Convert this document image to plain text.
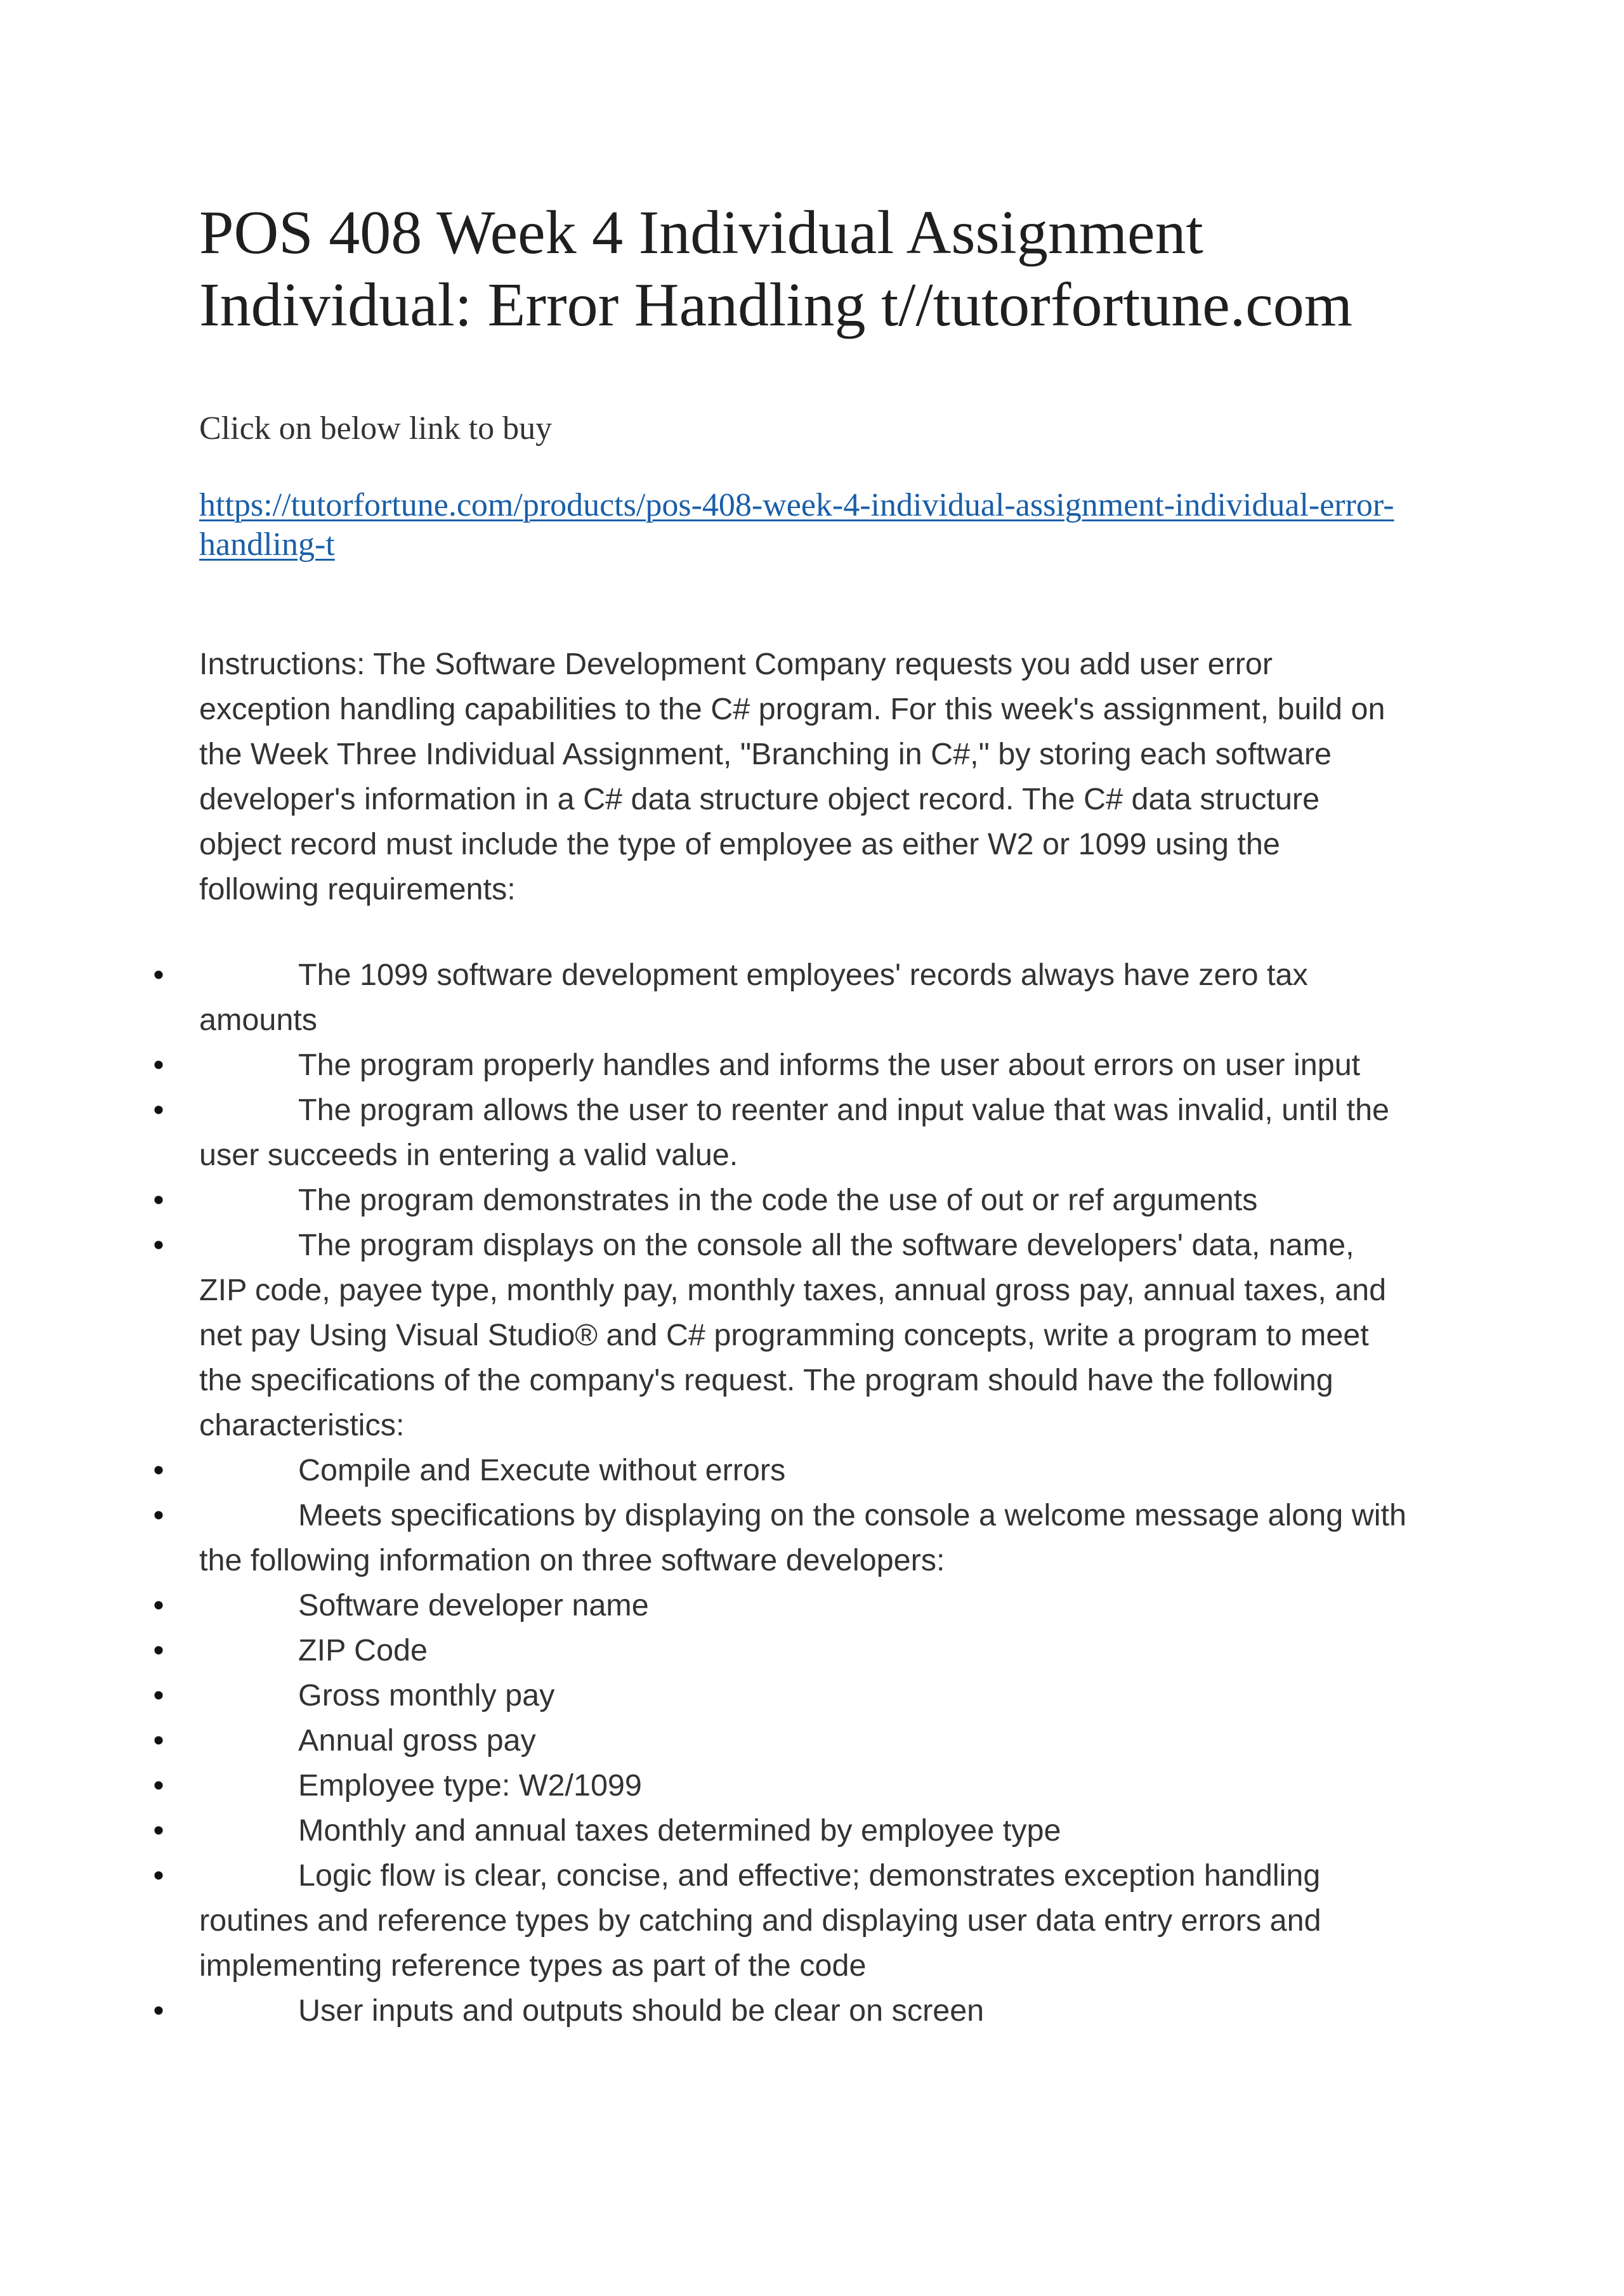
POS 408 Week 4 Individual Assignment
Individual: Error Handling t//tutorfortune.com

Click on below link to buy

https://tutorfortune.com/products/pos-408-week-4-individual-assignment-individual-error-
handling-t

Instructions: The Software Development Company requests you add user error
exception handling capabilities to the C# program. For this week's assignment, build on
the Week Three Individual Assignment, "Branching in C#," by storing each software
developer's information in a C# data structure object record. The C# data structure
object record must include the type of employee as either W2 or 1099 using the
following requirements:

•	The 1099 software development employees' records always have zero tax
amounts
•	The program properly handles and informs the user about errors on user input
•	The program allows the user to reenter and input value that was invalid, until the
user succeeds in entering a valid value.
•	The program demonstrates in the code the use of out or ref arguments
•	The program displays on the console all the software developers' data, name,
ZIP code, payee type, monthly pay, monthly taxes, annual gross pay, annual taxes, and
net pay Using Visual Studio® and C# programming concepts, write a program to meet
the specifications of the company's request. The program should have the following
characteristics:
•	Compile and Execute without errors
•	Meets specifications by displaying on the console a welcome message along with
the following information on three software developers:
•	Software developer name
•	ZIP Code
•	Gross monthly pay
•	Annual gross pay
•	Employee type: W2/1099
•	Monthly and annual taxes determined by employee type
•	Logic flow is clear, concise, and effective; demonstrates exception handling
routines and reference types by catching and displaying user data entry errors and
implementing reference types as part of the code
•	User inputs and outputs should be clear on screen
